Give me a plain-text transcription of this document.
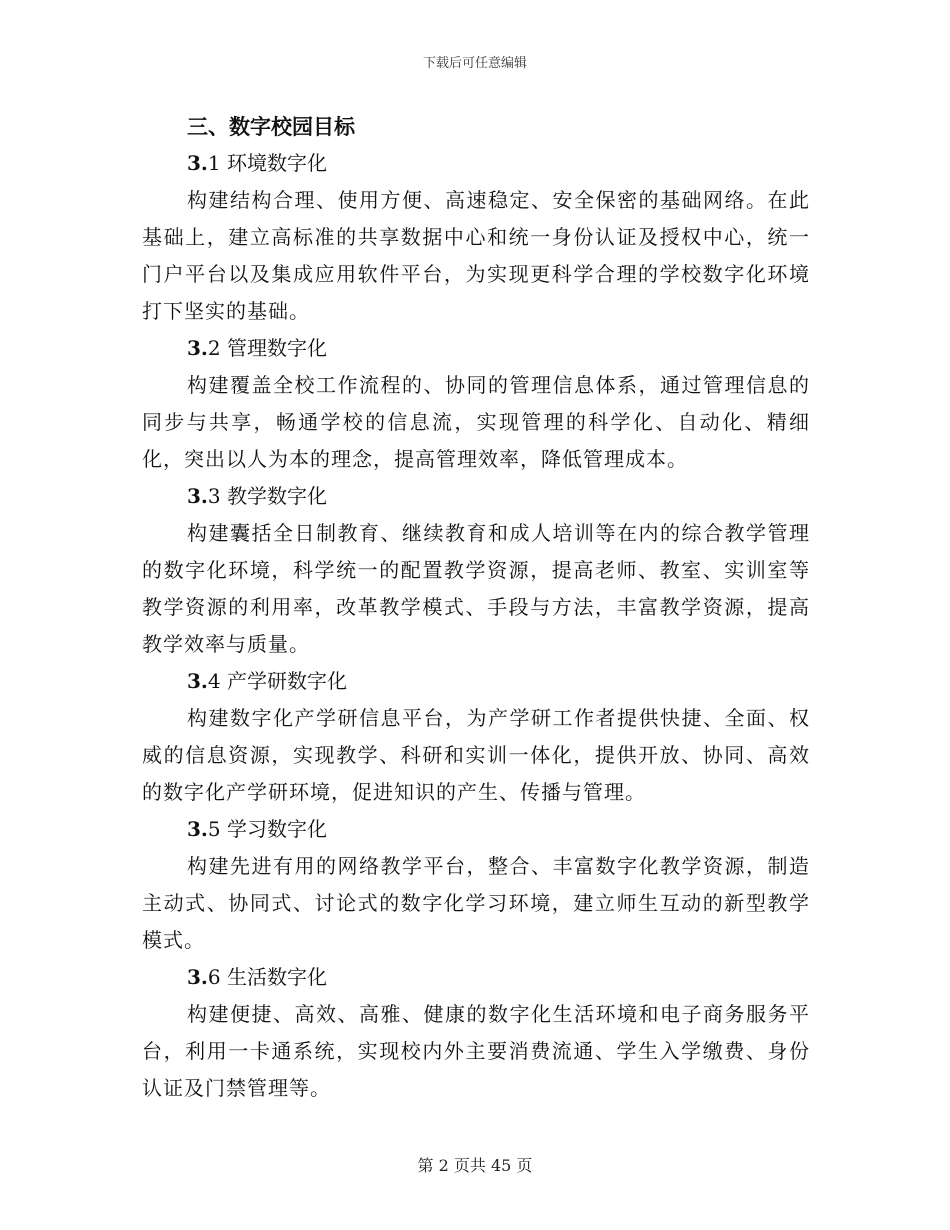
下载后可任意编辑

三、数字校园目标

3.1 环境数字化

构建结构合理、使用方便、高速稳定、安全保密的基础网络。在此基础上，建立高标准的共享数据中心和统一身份认证及授权中心，统一门户平台以及集成应用软件平台，为实现更科学合理的学校数字化环境打下坚实的基础。

3.2 管理数字化

构建覆盖全校工作流程的、协同的管理信息体系，通过管理信息的同步与共享，畅通学校的信息流，实现管理的科学化、自动化、精细化，突出以人为本的理念，提高管理效率，降低管理成本。

3.3 教学数字化

构建囊括全日制教育、继续教育和成人培训等在内的综合教学管理的数字化环境，科学统一的配置教学资源，提高老师、教室、实训室等教学资源的利用率，改革教学模式、手段与方法，丰富教学资源，提高教学效率与质量。

3.4 产学研数字化

构建数字化产学研信息平台，为产学研工作者提供快捷、全面、权威的信息资源，实现教学、科研和实训一体化，提供开放、协同、高效的数字化产学研环境，促进知识的产生、传播与管理。

3.5 学习数字化

构建先进有用的网络教学平台，整合、丰富数字化教学资源，制造主动式、协同式、讨论式的数字化学习环境，建立师生互动的新型教学模式。

3.6 生活数字化

构建便捷、高效、高雅、健康的数字化生活环境和电子商务服务平台，利用一卡通系统，实现校内外主要消费流通、学生入学缴费、身份认证及门禁管理等。

第 2 页共 45 页
